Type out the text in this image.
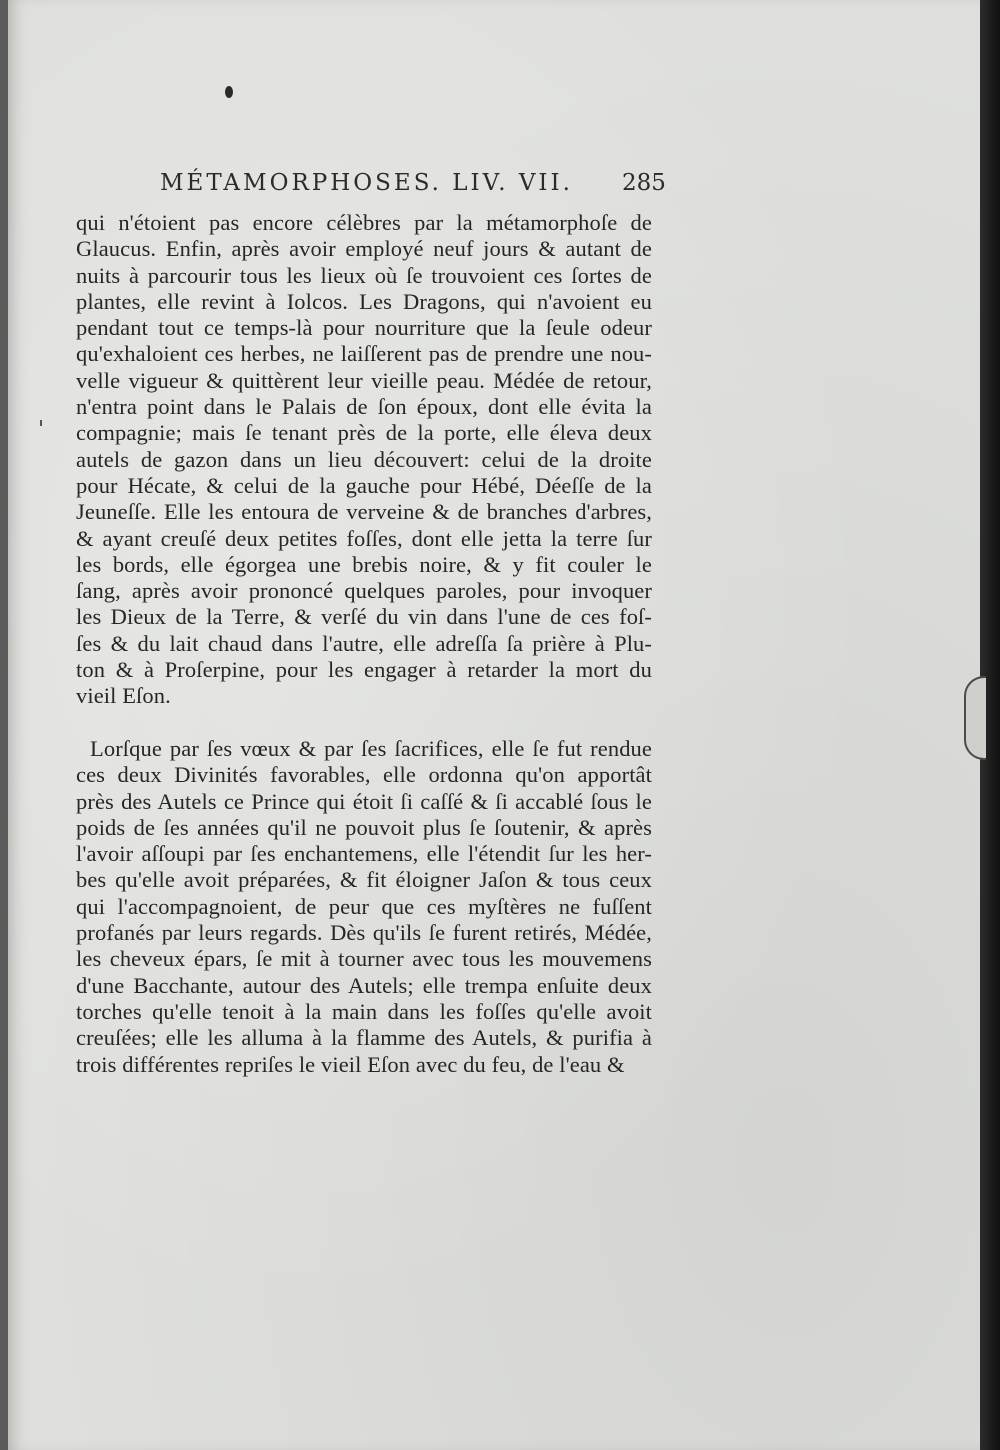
MÉTAMORPHOSES. LIV. VII. 285
qui n'étoient pas encore célèbres par la métamorphoſe de
Glaucus. Enfin, après avoir employé neuf jours & autant de
nuits à parcourir tous les lieux où ſe trouvoient ces ſortes de
plantes, elle revint à Iolcos. Les Dragons, qui n'avoient eu
pendant tout ce temps-là pour nourriture que la ſeule odeur
qu'exhaloient ces herbes, ne laiſſerent pas de prendre une nou-
velle vigueur & quittèrent leur vieille peau. Médée de retour,
n'entra point dans le Palais de ſon époux, dont elle évita la
compagnie; mais ſe tenant près de la porte, elle éleva deux
autels de gazon dans un lieu découvert: celui de la droite
pour Hécate, & celui de la gauche pour Hébé, Déeſſe de la
Jeuneſſe. Elle les entoura de verveine & de branches d'arbres,
& ayant creuſé deux petites foſſes, dont elle jetta la terre ſur
les bords, elle égorgea une brebis noire, & y fit couler le
ſang, après avoir prononcé quelques paroles, pour invoquer
les Dieux de la Terre, & verſé du vin dans l'une de ces foſ-
ſes & du lait chaud dans l'autre, elle adreſſa ſa prière à Plu-
ton & à Proſerpine, pour les engager à retarder la mort du
vieil Eſon.
Lorſque par ſes vœux & par ſes ſacrifices, elle ſe fut rendue
ces deux Divinités favorables, elle ordonna qu'on apportât
près des Autels ce Prince qui étoit ſi caſſé & ſi accablé ſous le
poids de ſes années qu'il ne pouvoit plus ſe ſoutenir, & après
l'avoir aſſoupi par ſes enchantemens, elle l'étendit ſur les her-
bes qu'elle avoit préparées, & fit éloigner Jaſon & tous ceux
qui l'accompagnoient, de peur que ces myſtères ne fuſſent
profanés par leurs regards. Dès qu'ils ſe furent retirés, Médée,
les cheveux épars, ſe mit à tourner avec tous les mouvemens
d'une Bacchante, autour des Autels; elle trempa enſuite deux
torches qu'elle tenoit à la main dans les foſſes qu'elle avoit
creuſées; elle les alluma à la flamme des Autels, & purifia à
trois différentes repriſes le vieil Eſon avec du feu, de l'eau &
